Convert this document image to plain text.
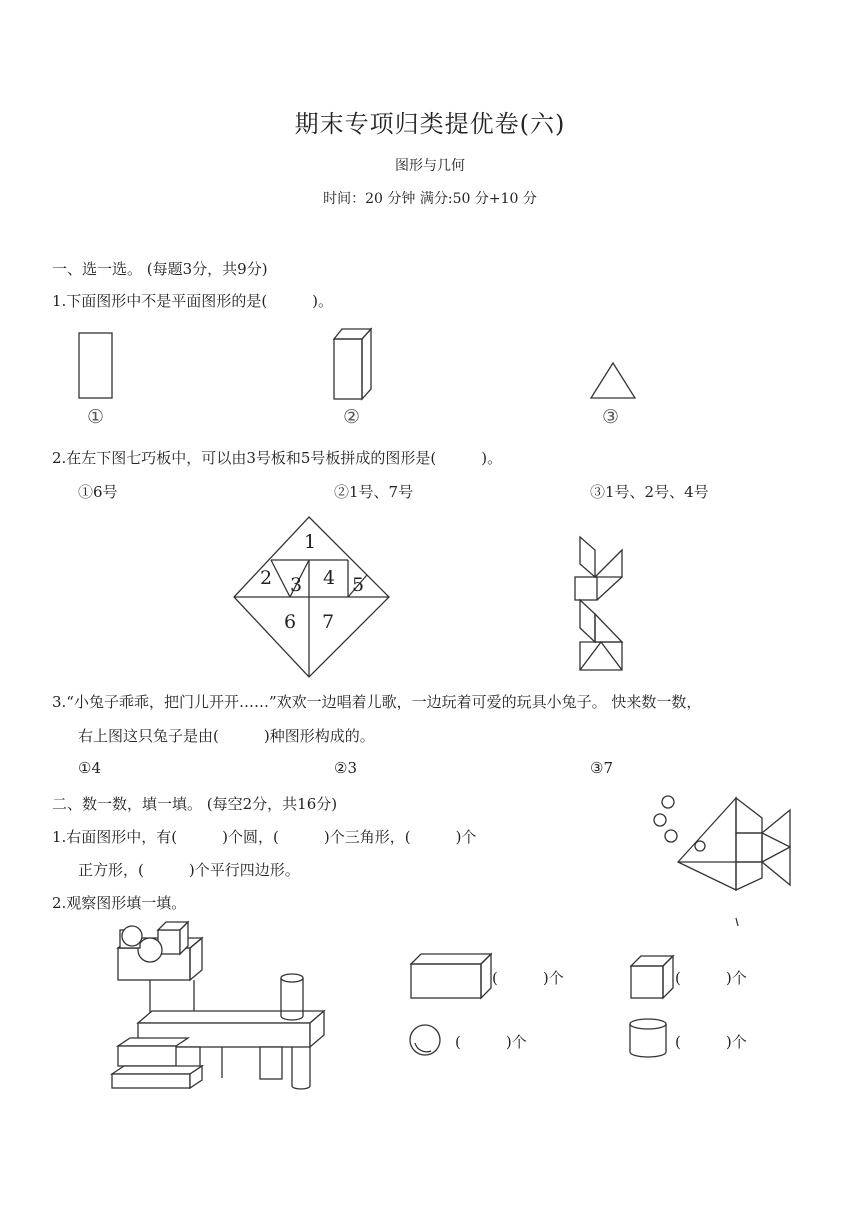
期末专项归类提优卷(六)
图形与几何
时间：20 分钟 满分:50 分+10 分
一、选一选。 (每题3分，共9分)
1.下面图形中不是平面图形的是(　　　)。
①	②	③
2.在左下图七巧板中，可以由3号板和5号板拼成的图形是(　　　)。
①6号	②1号、7号	③1号、2号、4号
1
2 3 4 5
6 7
3.“小兔子乖乖，把门儿开开……”欢欢一边唱着儿歌，一边玩着可爱的玩具小兔子。 快来数一数，
右上图这只兔子是由(　　　)种图形构成的。
①4	②3	③7
二、数一数，填一填。 (每空2分，共16分)
1.右面图形中，有(　　　)个圆，(　　　)个三角形，(　　　)个
正方形，(　　　)个平行四边形。
2.观察图形填一填。
(　　　)个	(　　　)个
(　　　)个	(　　　)个
